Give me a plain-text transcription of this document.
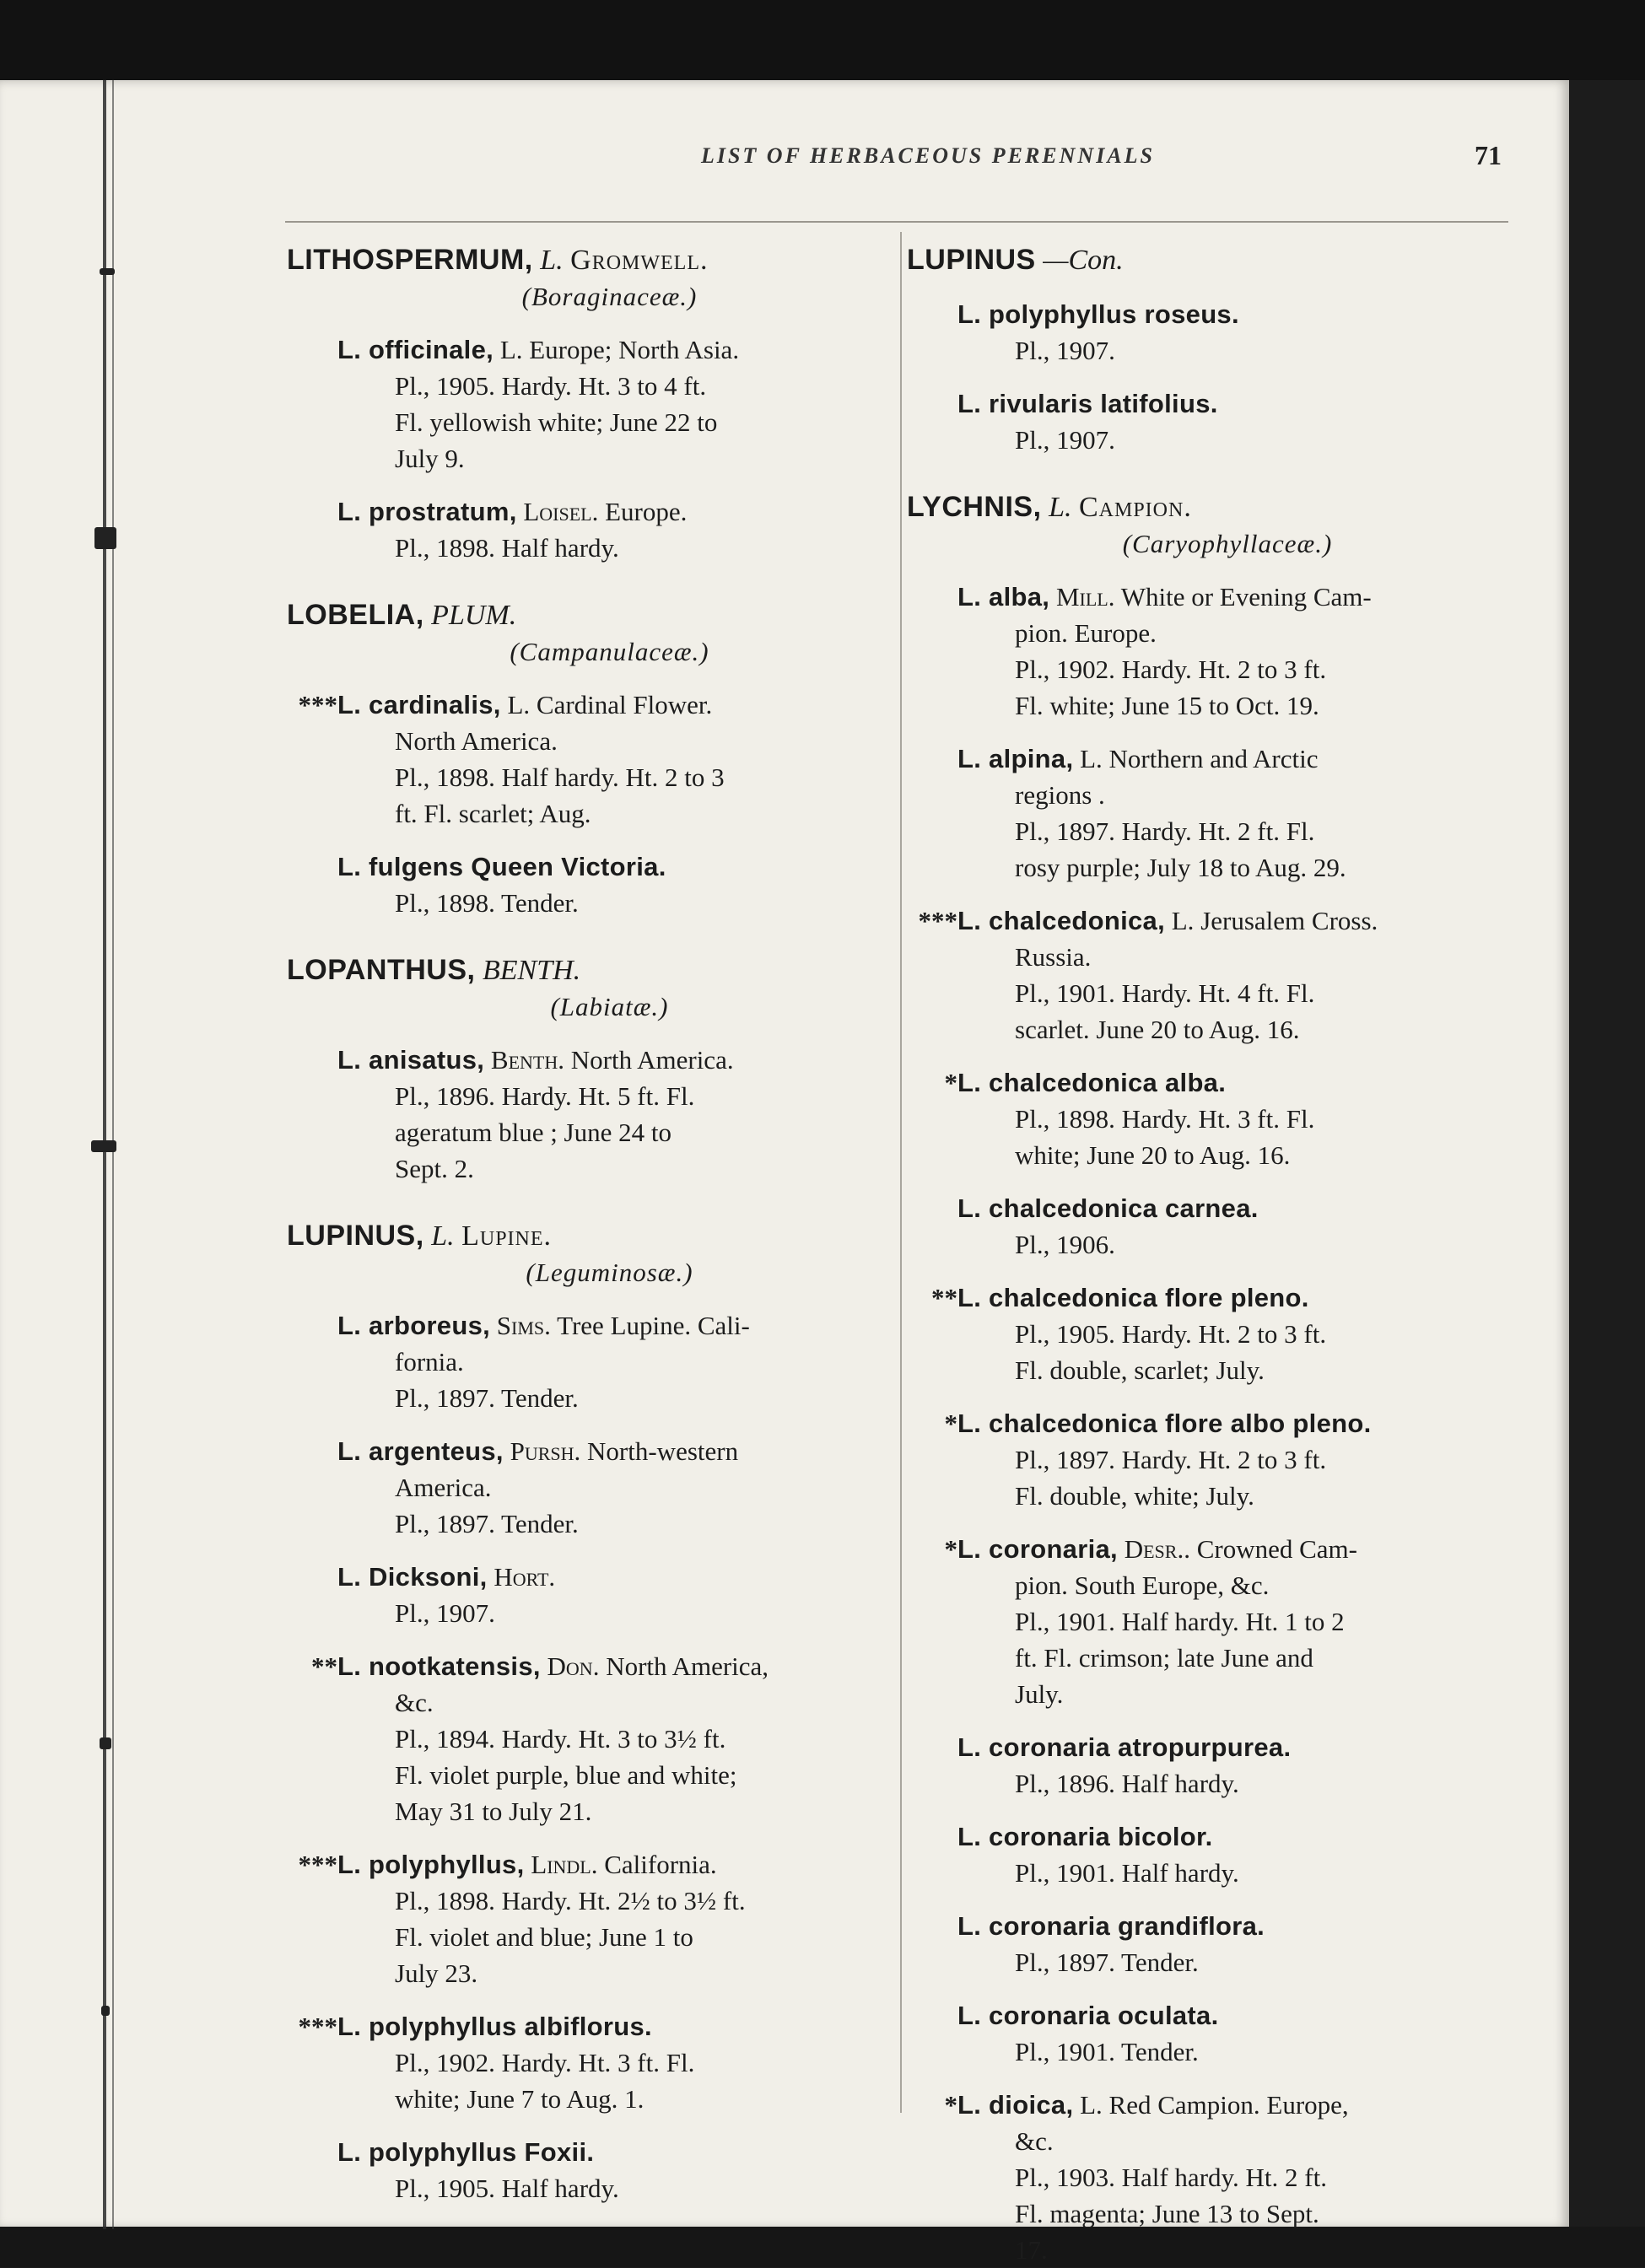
LIST OF HERBACEOUS PERENNIALS	71
LITHOSPERMUM, L. Gromwell.
(Boraginaceæ.)
L. officinale, L. Europe; North Asia.
Pl., 1905. Hardy. Ht. 3 to 4 ft.
Fl. yellowish white; June 22 to
July 9.
L. prostratum, Loisel. Europe.
Pl., 1898. Half hardy.
LOBELIA, PLUM.
(Campanulaceæ.)
*** L. cardinalis, L. Cardinal Flower.
North America.
Pl., 1898. Half hardy. Ht. 2 to 3
ft. Fl. scarlet; Aug.
L. fulgens Queen Victoria.
Pl., 1898. Tender.
LOPANTHUS, BENTH.
(Labiatæ.)
L. anisatus, Benth. North America.
Pl., 1896. Hardy. Ht. 5 ft. Fl.
ageratum blue ; June 24 to
Sept. 2.
LUPINUS, L. Lupine.
(Leguminosæ.)
L. arboreus, Sims. Tree Lupine. Cali-
fornia.
Pl., 1897. Tender.
L. argenteus, Pursh. North-western
America.
Pl., 1897. Tender.
L. Dicksoni, Hort.
Pl., 1907.
** L. nootkatensis, Don. North America,
&c.
Pl., 1894. Hardy. Ht. 3 to 3½ ft.
Fl. violet purple, blue and white;
May 31 to July 21.
*** L. polyphyllus, Lindl. California.
Pl., 1898. Hardy. Ht. 2½ to 3½ ft.
Fl. violet and blue; June 1 to
July 23.
*** L. polyphyllus albiflorus.
Pl., 1902. Hardy. Ht. 3 ft. Fl.
white; June 7 to Aug. 1.
L. polyphyllus Foxii.
Pl., 1905. Half hardy.
LUPINUS —Con.
L. polyphyllus roseus.
Pl., 1907.
L. rivularis latifolius.
Pl., 1907.
LYCHNIS, L. Campion.
(Caryophyllaceæ.)
L. alba, Mill. White or Evening Cam-
pion. Europe.
Pl., 1902. Hardy. Ht. 2 to 3 ft.
Fl. white; June 15 to Oct. 19.
L. alpina, L. Northern and Arctic
regions .
Pl., 1897. Hardy. Ht. 2 ft. Fl.
rosy purple; July 18 to Aug. 29.
*** L. chalcedonica, L. Jerusalem Cross.
Russia.
Pl., 1901. Hardy. Ht. 4 ft. Fl.
scarlet. June 20 to Aug. 16.
* L. chalcedonica alba.
Pl., 1898. Hardy. Ht. 3 ft. Fl.
white; June 20 to Aug. 16.
L. chalcedonica carnea.
Pl., 1906.
** L. chalcedonica flore pleno.
Pl., 1905. Hardy. Ht. 2 to 3 ft.
Fl. double, scarlet; July.
* L. chalcedonica flore albo pleno.
Pl., 1897. Hardy. Ht. 2 to 3 ft.
Fl. double, white; July.
* L. coronaria, Desr.. Crowned Cam-
pion. South Europe, &c.
Pl., 1901. Half hardy. Ht. 1 to 2
ft. Fl. crimson; late June and
July.
L. coronaria atropurpurea.
Pl., 1896. Half hardy.
L. coronaria bicolor.
Pl., 1901. Half hardy.
L. coronaria grandiflora.
Pl., 1897. Tender.
L. coronaria oculata.
Pl., 1901. Tender.
* L. dioica, L. Red Campion. Europe,
&c.
Pl., 1903. Half hardy. Ht. 2 ft.
Fl. magenta; June 13 to Sept.
17.
